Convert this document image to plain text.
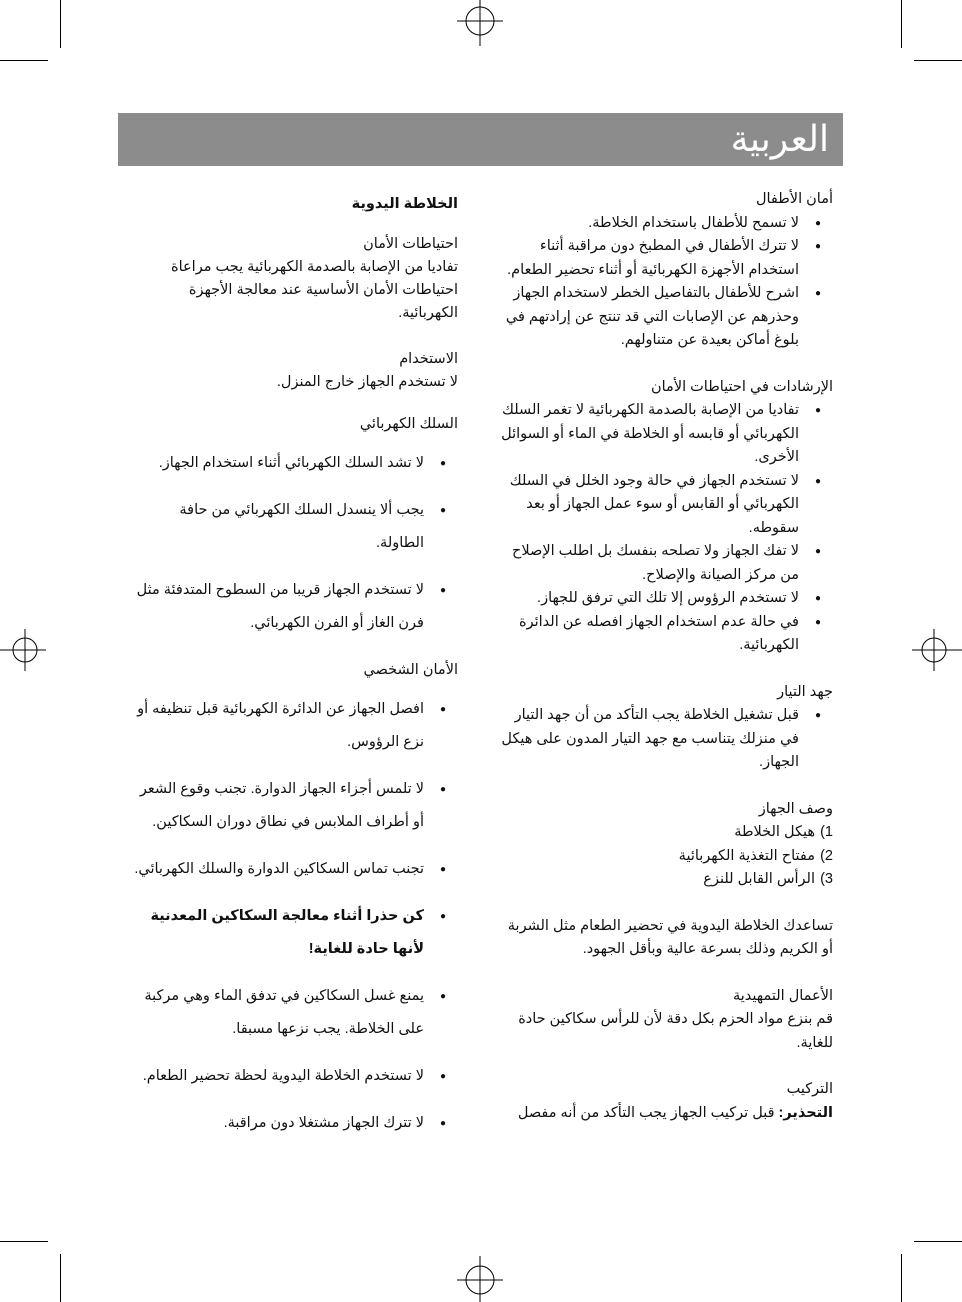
العربية

أمان الأطفال

● لا تسمح للأطفال باستخدام الخلاطة.
● لا تترك الأطفال في المطبخ دون مراقبة أثناء استخدام الأجهزة الكهربائية أو أثناء تحضير الطعام.
● اشرح للأطفال بالتفاصيل الخطر لاستخدام الجهاز وحذرهم عن الإصابات التي قد تنتج عن إرادتهم في بلوغ أماكن بعيدة عن متناولهم.

الإرشادات في احتياطات الأمان

● تفاديا من الإصابة بالصدمة الكهربائية لا تغمر السلك الكهربائي أو قابسه أو الخلاطة في الماء أو السوائل الأخرى.
● لا تستخدم الجهاز في حالة وجود الخلل في السلك الكهربائي أو القابس أو سوء عمل الجهاز أو بعد سقوطه.
● لا تفك الجهاز ولا تصلحه بنفسك بل اطلب الإصلاح من مركز الصيانة والإصلاح.
● لا تستخدم الرؤوس إلا تلك التي ترفق للجهاز.
● في حالة عدم استخدام الجهاز افصله عن الدائرة الكهربائية.

جهد التيار

● قبل تشغيل الخلاطة يجب التأكد من أن جهد التيار في منزلك يتناسب مع جهد التيار المدون على هيكل الجهاز.

وصف الجهاز

1)
هيكل الخلاطة
2)
مفتاح التغذية الكهربائية
3)
الرأس القابل للنزع

تساعدك الخلاطة اليدوية في تحضير الطعام مثل الشربة أو الكريم وذلك بسرعة عالية وبأقل الجهود.

الأعمال التمهيدية

قم بنزع مواد الحزم بكل دقة لأن للرأس سكاكين حادة للغاية.

التركيب

التحذير: قبل تركيب الجهاز يجب التأكد من أنه مفصل

الخلاطة اليدوية

احتياطات الأمان

تفاديا من الإصابة بالصدمة الكهربائية يجب مراعاة احتياطات الأمان الأساسية عند معالجة الأجهزة الكهربائية.

الاستخدام

لا تستخدم الجهاز خارج المنزل.

السلك الكهربائي

● لا تشد السلك الكهربائي أثناء استخدام الجهاز.
● يجب ألا ينسدل السلك الكهربائي من حافة الطاولة.
● لا تستخدم الجهاز قريبا من السطوح المتدفئة مثل فرن الغاز أو الفرن الكهربائي.

الأمان الشخصي

● افصل الجهاز عن الدائرة الكهربائية قبل تنظيفه أو نزع الرؤوس.
● لا تلمس أجزاء الجهاز الدوارة. تجنب وقوع الشعر أو أطراف الملابس في نطاق دوران السكاكين.
● تجنب تماس السكاكين الدوارة والسلك الكهربائي.
● كن حذرا أثناء معالجة السكاكين المعدنية لأنها حادة للغاية!
● يمنع غسل السكاكين في تدفق الماء وهي مركبة على الخلاطة. يجب نزعها مسبقا.
● لا تستخدم الخلاطة اليدوية لحظة تحضير الطعام.
● لا تترك الجهاز مشتغلا دون مراقبة.
